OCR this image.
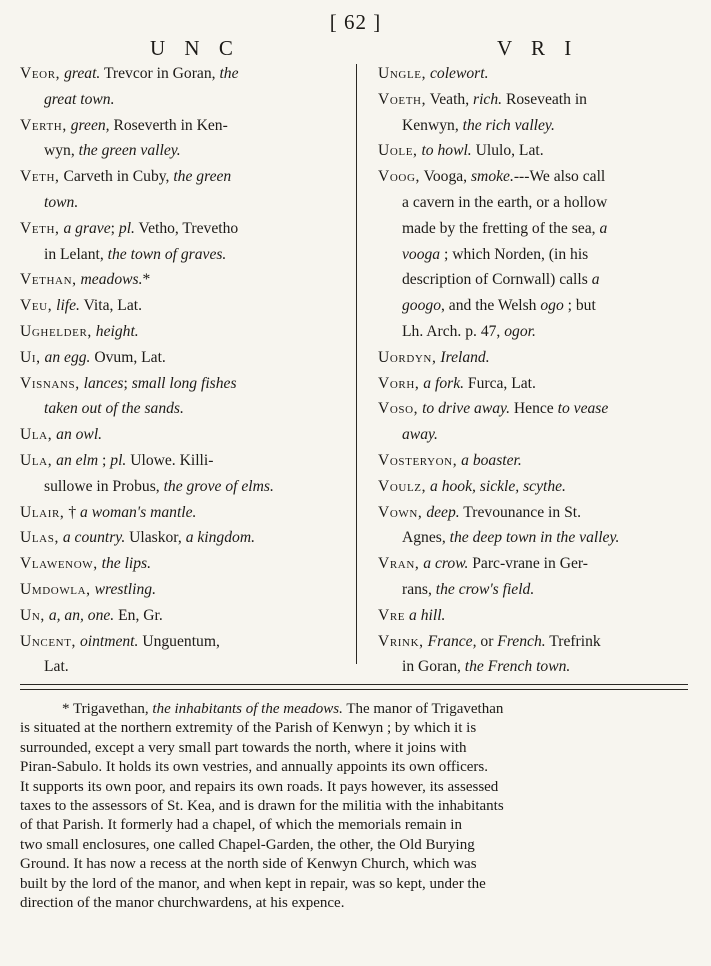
[ 62 ]
U N C	V R I
Veor, great. Trevcor in Goran, the
great town.
Verth, green, Roseverth in Ken-
wyn, the green valley.
Veth, Carveth in Cuby, the green
town.
Veth, a grave; pl. Vetho, Trevetho
in Lelant, the town of graves.
Vethan, meadows.*
Veu, life. Vita, Lat.
Ughelder, height.
Ui, an egg. Ovum, Lat.
Visnans, lances; small long fishes
taken out of the sands.
Ula, an owl.
Ula, an elm ; pl. Ulowe. Killi-
sullowe in Probus, the grove of elms.
Ulair, † a woman's mantle.
Ulas, a country. Ulaskor, a kingdom.
Vlawenow, the lips.
Umdowla, wrestling.
Un, a, an, one. En, Gr.
Uncent, ointment. Unguentum,
Lat.
Ungle, colewort.
Voeth, Veath, rich. Roseveath in
Kenwyn, the rich valley.
Uole, to howl. Ululo, Lat.
Voog, Vooga, smoke.---We also call
a cavern in the earth, or a hollow
made by the fretting of the sea, a
vooga ; which Norden, (in his
description of Cornwall) calls a
googo, and the Welsh ogo ; but
Lh. Arch. p. 47, ogor.
Uordyn, Ireland.
Vorh, a fork. Furca, Lat.
Voso, to drive away. Hence to vease
away.
Vosteryon, a boaster.
Voulz, a hook, sickle, scythe.
Vown, deep. Trevounance in St.
Agnes, the deep town in the valley.
Vran, a crow. Parc-vrane in Ger-
rans, the crow's field.
Vre a hill.
Vrink, France, or French. Trefrink
in Goran, the French town.
* Trigavethan, the inhabitants of the meadows. The manor of Trigavethan
is situated at the northern extremity of the Parish of Kenwyn ; by which it is
surrounded, except a very small part towards the north, where it joins with
Piran-Sabulo. It holds its own vestries, and annually appoints its own officers.
It supports its own poor, and repairs its own roads. It pays however, its assessed
taxes to the assessors of St. Kea, and is drawn for the militia with the inhabitants
of that Parish. It formerly had a chapel, of which the memorials remain in
two small enclosures, one called Chapel-Garden, the other, the Old Burying
Ground. It has now a recess at the north side of Kenwyn Church, which was
built by the lord of the manor, and when kept in repair, was so kept, under the
direction of the manor churchwardens, at his expence.
